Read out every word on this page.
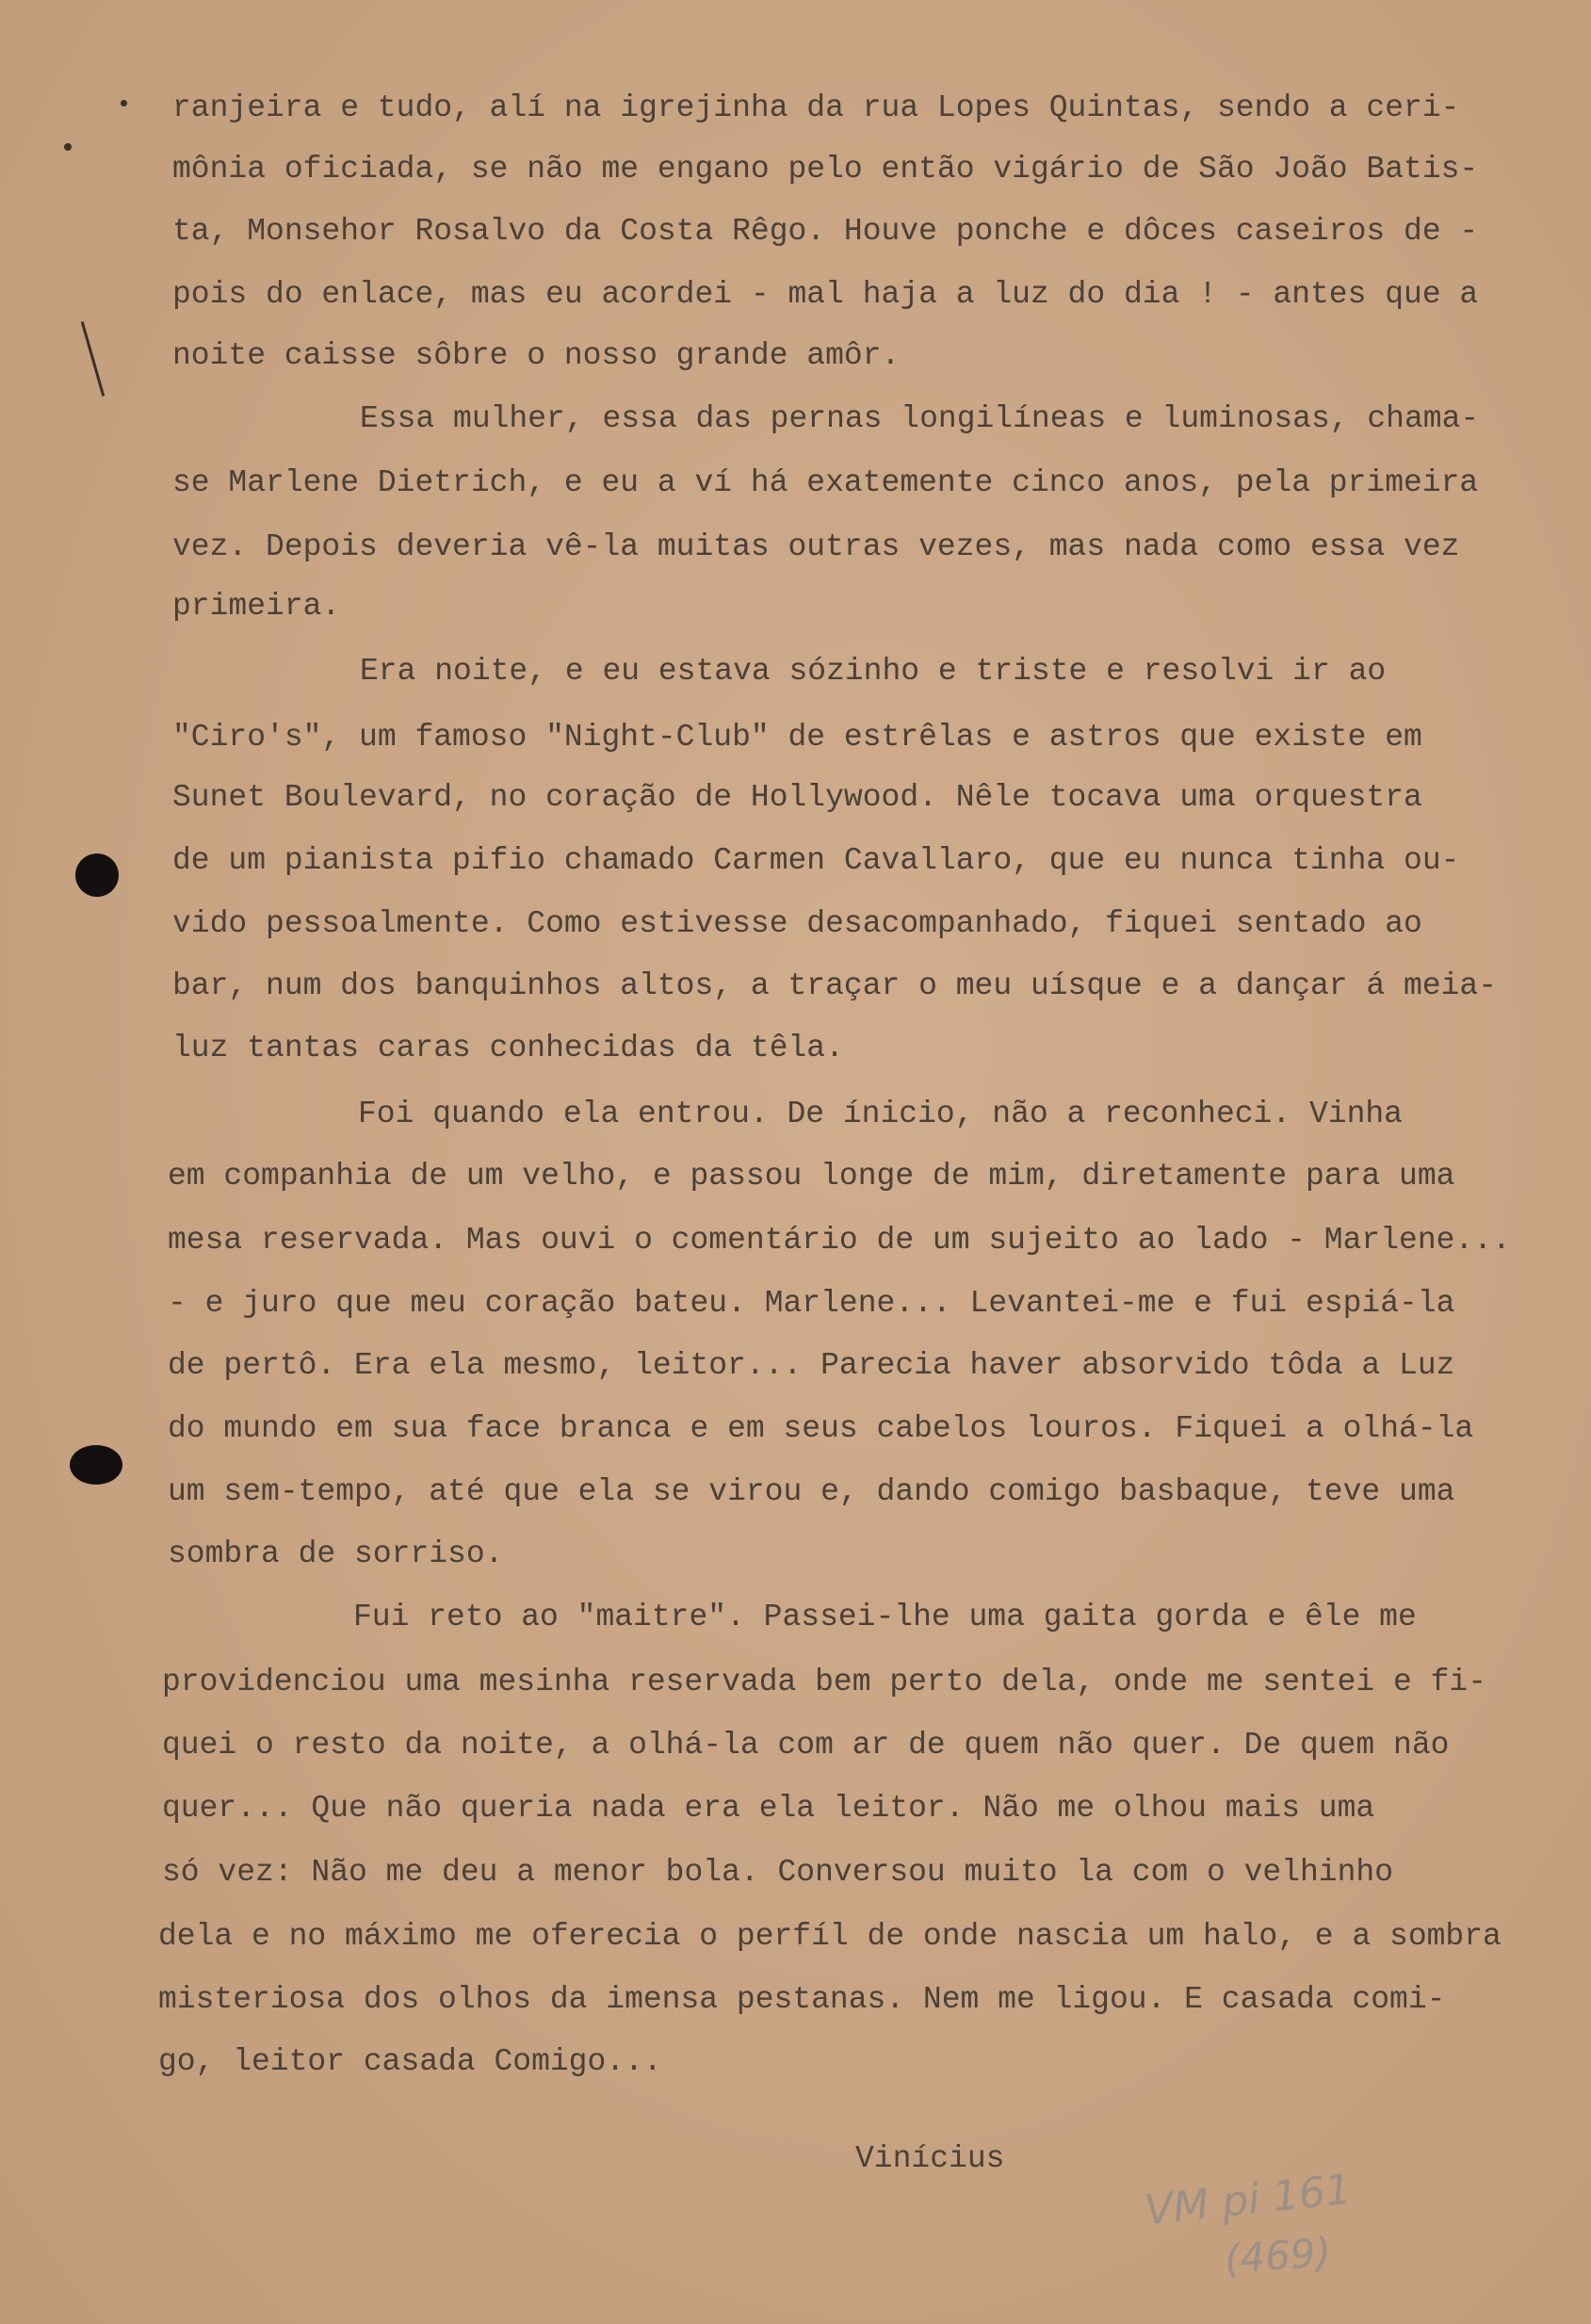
ranjeira e tudo, alí na igrejinha da rua Lopes Quintas, sendo a ceri-

mônia oficiada, se não me engano pelo então vigário de São João Batis-

ta, Monsehor Rosalvo da Costa Rêgo. Houve ponche e dôces caseiros de -

pois do enlace, mas eu acordei - mal haja a luz do dia ! - antes que a

noite caisse sôbre o nosso grande amôr.

Essa mulher, essa das pernas longilíneas e luminosas, chama-

se Marlene Dietrich, e eu a ví há exatemente cinco anos, pela primeira

vez. Depois deveria vê-la muitas outras vezes, mas nada como essa vez

primeira.

Era noite, e eu estava sózinho e triste e resolvi ir ao

"Ciro's", um famoso "Night-Club" de estrêlas e astros que existe em

Sunet Boulevard, no coração de Hollywood. Nêle tocava uma orquestra

de um pianista pifio chamado Carmen Cavallaro, que eu nunca tinha ou-

vido pessoalmente. Como estivesse desacompanhado, fiquei sentado ao

bar, num dos banquinhos altos, a traçar o meu uísque e a dançar á meia-

luz tantas caras conhecidas da têla.

Foi quando ela entrou. De ínicio, não a reconheci. Vinha

em companhia de um velho, e passou longe de mim, diretamente para uma

mesa reservada. Mas ouvi o comentário de um sujeito ao lado - Marlene...

- e juro que meu coração bateu. Marlene... Levantei-me e fui espiá-la

de pertô. Era ela mesmo, leitor... Parecia haver absorvido tôda a Luz

do mundo em sua face branca e em seus cabelos louros. Fiquei a olhá-la

um sem-tempo, até que ela se virou e, dando comigo basbaque, teve uma

sombra de sorriso.

Fui reto ao "maitre". Passei-lhe uma gaita gorda e êle me

providenciou uma mesinha reservada bem perto dela, onde me sentei e fi-

quei o resto da noite, a olhá-la com ar de quem não quer. De quem não

quer... Que não queria nada era ela leitor. Não me olhou mais uma

só vez: Não me deu a menor bola. Conversou muito la com o velhinho

dela e no máximo me oferecia o perfíl de onde nascia um halo, e a sombra

misteriosa dos olhos da imensa pestanas. Nem me ligou. E casada comi-

go, leitor casada Comigo...

Vinícius

VM pi 161
(469)
